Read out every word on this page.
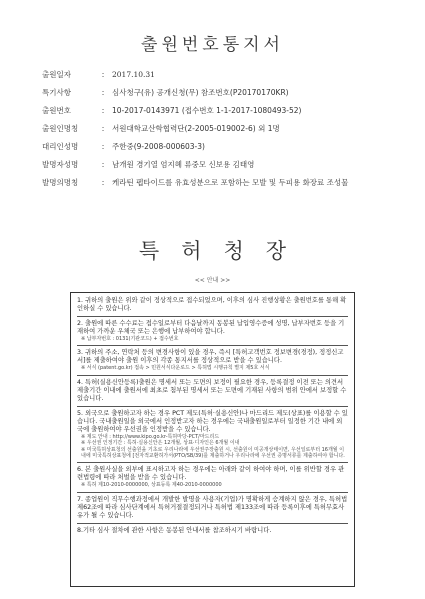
출원번호통지서
출원일자	:	2017.10.31
특기사항	:	심사청구(유) 공개신청(무) 참조번호(P20170170KR)
출원번호	:	10-2017-0143971 (접수번호 1-1-2017-1080493-52)
출원인명칭	:	서원대학교산학협력단(2-2005-019002-6) 외 1명
대리인성명	:	주한중(9-2008-000603-3)
발명자성명	:	남개원 경기열 엄지혜 류중모 신보용 김태영
발명의명칭	:	케라틴 펩타이드를 유효성분으로 포함하는 모발 및 두피용 화장료 조성물
특허청장
<< 안내 >>
1. 귀하의 출원은 위와 같이 정상적으로 접수되었으며, 이후의 심사 진행상황은 출원번호를 통해 확인하실 수 있습니다.
2. 출원에 따른 수수료는 접수일로부터 다음날까지 동봉된 납입영수증에 성명, 납부자번호 등을 기재하여 가까운 우체국 또는 은행에 납부하여야 합니다.
※ 납부자번호 : 0131(기관코드) + 접수번호
3. 귀하의 주소, 연락처 등의 변경사항이 있을 경우, 즉시 [특허고객번호 정보변경(경정), 정정신고서]를 제출하여야 출원 이후의 각종 통지서를 정상적으로 받을 수 있습니다.
※ 서식 (patent.go.kr) 접속 > 민원서식다운로드 > 특허법 시행규칙 별지 제5호 서식
4. 특허(실용신안등록)출원은 명세서 또는 도면의 보정이 필요한 경우, 등록결정 이전 또는 의견서 제출기간 이내에 출원서에 최초로 첨부된 명세서 또는 도면에 기재된 사항의 범위 안에서 보정할 수 있습니다.
5. 외국으로 출원하고자 하는 경우 PCT 제도(특허·실용신안)나 마드리드 제도(상표)를 이용할 수 있습니다. 국내출원일을 외국에서 인정받고자 하는 경우에는 국내출원일로부터 일정한 기간 내에 외국에 출원하여야 우선권을 인정받을 수 있습니다.
※ 제도 안내 : http://www.kipo.go.kr-특허마당-PCT/마드리드
※ 우선권 인정기간 : 특허·실용신안은 12개월, 상표·디자인은 6개월 이내
※ 미국특허상표청의 선출원을 기초로 우리나라에 우선권주장출원 시, 선출원이 미공개상태이면, 우선일로부터 16개월 이내에 미국특허상표청에 [전자적교환허가서(PTO/SB/39)를 제출하거나 우리나라에 우선권 증명서류를 제출하여야 합니다.
6. 본 출원사실을 외부에 표시하고자 하는 경우에는 아래와 같이 하여야 하며, 이를 위반할 경우 관련법령에 따라 처벌을 받을 수 있습니다.
※ 특허 제10-2010-0000000, 상표등록 제40-2010-0000000
7. 종업원이 직무수행과정에서 개발한 발명을 사용자(기업)가 명확하게 승계하지 않은 경우, 특허법 제62조에 따라 심사단계에서 특허거절결정되거나 특허법 제133조에 따라 등록이후에 특허무효사유가 될 수 있습니다.
8.기타 심사 절차에 관한 사항은 동봉된 안내서를 참조하시기 바랍니다.
